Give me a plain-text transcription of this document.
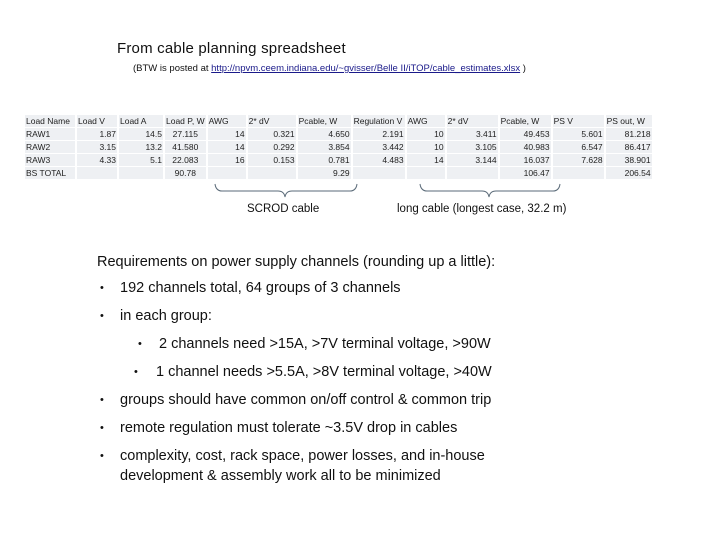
From cable planning spreadsheet
(BTW is posted at http://npvm.ceem.indiana.edu/~gvisser/Belle II/iTOP/cable_estimates.xlsx )
Load Name	Load V	Load A	Load P, W	AWG	2* dV	Pcable, W	Regulation V	AWG	2* dV	Pcable, W	PS V	PS out, W
RAW1	1.87	14.5	27.115	14	0.321	4.650	2.191	10	3.411	49.453	5.601	81.218
RAW2	3.15	13.2	41.580	14	0.292	3.854	3.442	10	3.105	40.983	6.547	86.417
RAW3	4.33	5.1	22.083	16	0.153	0.781	4.483	14	3.144	16.037	7.628	38.901
BS TOTAL			90.78			9.29				106.47		206.54
SCROD cable	long cable (longest case, 32.2 m)
Requirements on power supply channels (rounding up a little):
• 192 channels total, 64 groups of 3 channels
• in each group:
• 2 channels need >15A, >7V terminal voltage, >90W
• 1 channel needs >5.5A, >8V terminal voltage, >40W
• groups should have common on/off control & common trip
• remote regulation must tolerate ~3.5V drop in cables
• complexity, cost, rack space, power losses, and in-house development & assembly work all to be minimized
